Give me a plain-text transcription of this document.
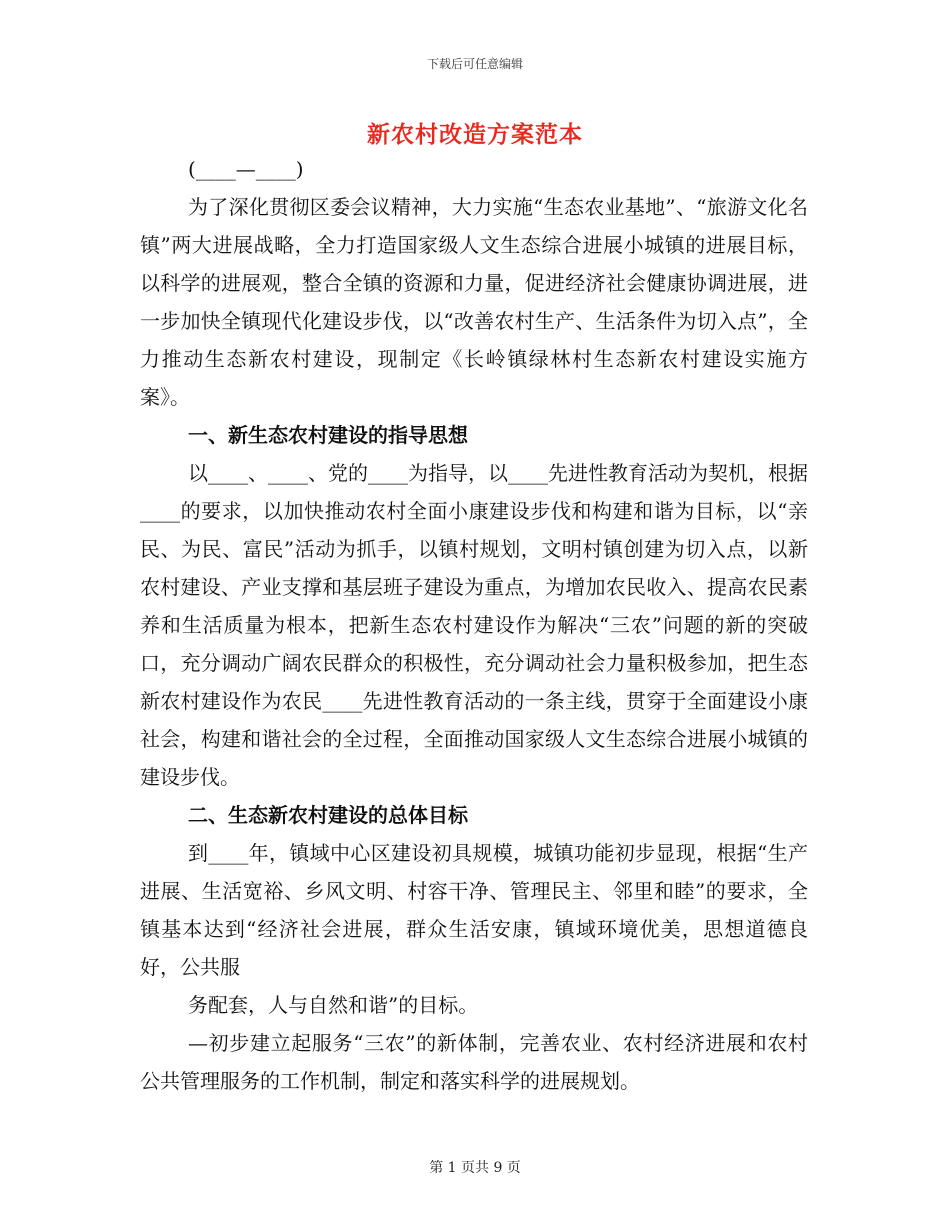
下载后可任意编辑
新农村改造方案范本

(____—____)

为了深化贯彻区委会议精神，大力实施“生态农业基地”、“旅游文化名镇”两大进展战略，全力打造国家级人文生态综合进展小城镇的进展目标，以科学的进展观，整合全镇的资源和力量，促进经济社会健康协调进展，进一步加快全镇现代化建设步伐，以“改善农村生产、生活条件为切入点”，全力推动生态新农村建设，现制定《长岭镇绿林村生态新农村建设实施方案》。

一、新生态农村建设的指导思想

以____、____、党的____为指导，以____先进性教育活动为契机，根据____的要求，以加快推动农村全面小康建设步伐和构建和谐为目标，以“亲民、为民、富民”活动为抓手，以镇村规划，文明村镇创建为切入点，以新农村建设、产业支撑和基层班子建设为重点，为增加农民收入、提高农民素养和生活质量为根本，把新生态农村建设作为解决“三农”问题的新的突破口，充分调动广阔农民群众的积极性，充分调动社会力量积极参加，把生态新农村建设作为农民____先进性教育活动的一条主线，贯穿于全面建设小康社会，构建和谐社会的全过程，全面推动国家级人文生态综合进展小城镇的建设步伐。

二、生态新农村建设的总体目标

到____年，镇域中心区建设初具规模，城镇功能初步显现，根据“生产进展、生活宽裕、乡风文明、村容干净、管理民主、邻里和睦”的要求，全镇基本达到“经济社会进展，群众生活安康，镇域环境优美，思想道德良好，公共服

务配套，人与自然和谐”的目标。

—初步建立起服务“三农”的新体制，完善农业、农村经济进展和农村公共管理服务的工作机制，制定和落实科学的进展规划。

第 1 页共 9 页
